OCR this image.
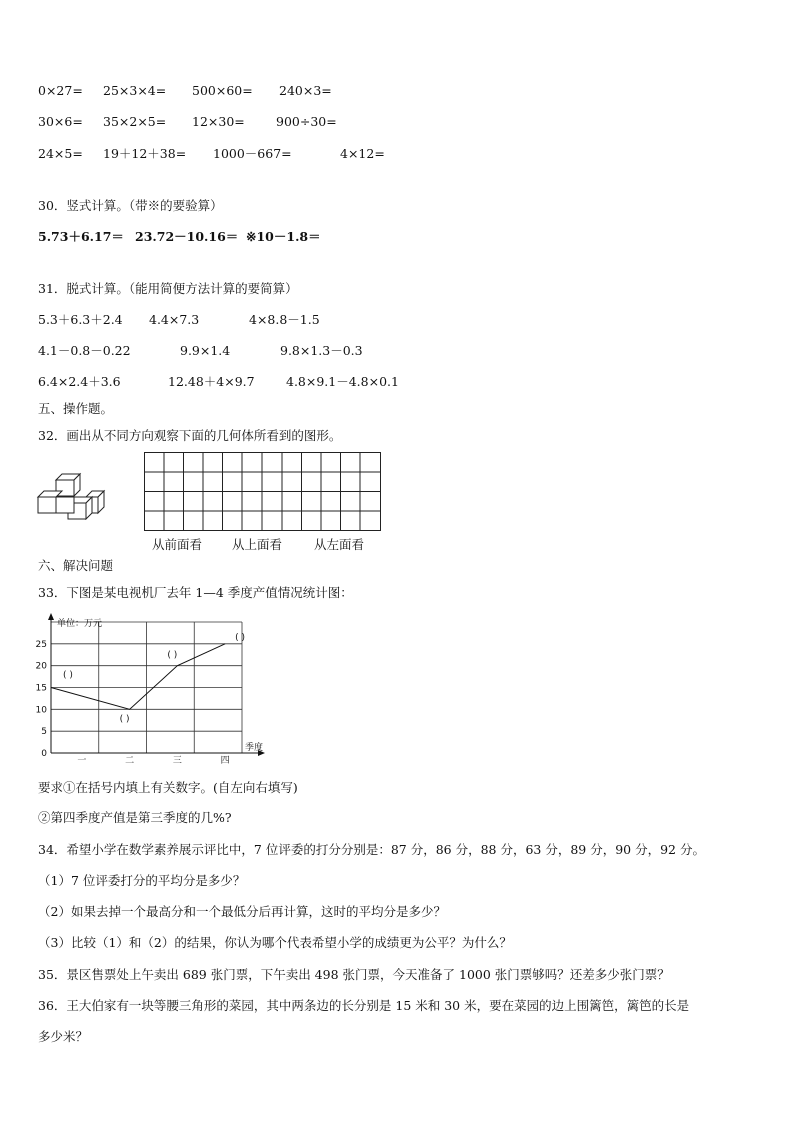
0×27= 25×3×4= 500×60= 240×3=
30×6= 35×2×5= 12×30= 900÷30=
24×5= 19＋12＋38= 1000－667=	4×12=
30．竖式计算。（带※的要验算）
5.73＋6.17＝ 23.72－10.16＝ ※10－1.8＝
31．脱式计算。（能用简便方法计算的要简算）
5.3＋6.3＋2.4 4.4×7.3	4×8.8－1.5
4.1－0.8－0.22	9.9×1.4	9.8×1.3－0.3
6.4×2.4＋3.6	12.48＋4×9.7	4.8×9.1－4.8×0.1
五、操作题。
32．画出从不同方向观察下面的几何体所看到的图形。
从前面看 从上面看	从左面看
六、解决问题
33．下图是某电视机厂去年 1—4 季度产值情况统计图：
单位：万元
季度
0
5
10
15
20
25
一	二	三	四
( )
( )
( )
( )
要求①在括号内填上有关数字。(自左向右填写)
②第四季度产值是第三季度的几%?
34．希望小学在数学素养展示评比中，7 位评委的打分分别是：87 分，86 分，88 分，63 分，89 分，90 分，92 分。
（1）7 位评委打分的平均分是多少？
（2）如果去掉一个最高分和一个最低分后再计算，这时的平均分是多少？
（3）比较（1）和（2）的结果，你认为哪个代表希望小学的成绩更为公平？为什么？
35．景区售票处上午卖出 689 张门票，下午卖出 498 张门票，今天准备了 1000 张门票够吗？还差多少张门票？
36．王大伯家有一块等腰三角形的菜园，其中两条边的长分别是 15 米和 30 米，要在菜园的边上围篱笆，篱笆的长是
多少米？
